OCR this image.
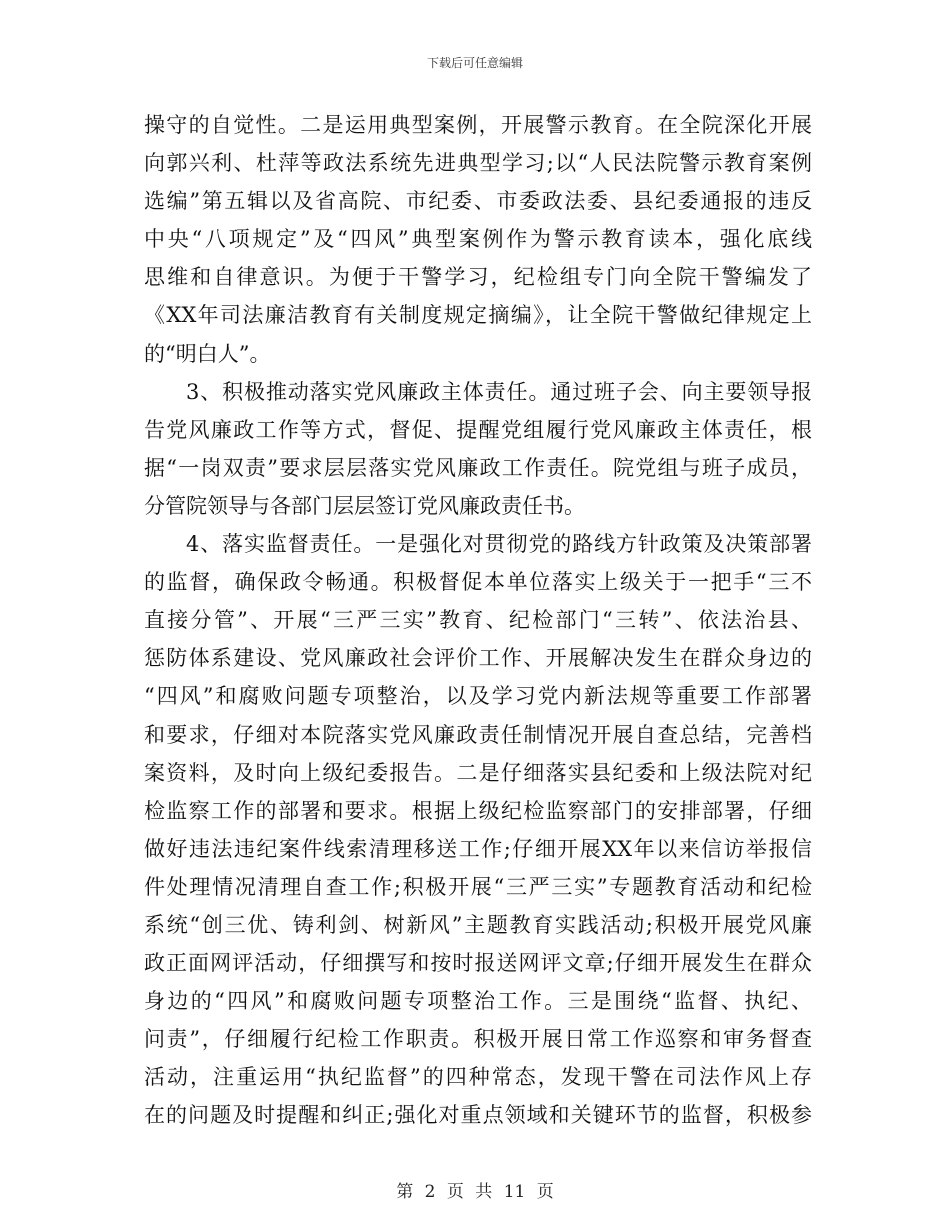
下载后可任意编辑
操守的自觉性。二是运用典型案例，开展警示教育。在全院深化开展
向郭兴利、杜萍等政法系统先进典型学习;以“人民法院警示教育案例
选编”第五辑以及省高院、市纪委、市委政法委、县纪委通报的违反
中央“八项规定”及“四风”典型案例作为警示教育读本，强化底线
思维和自律意识。为便于干警学习，纪检组专门向全院干警编发了
《XX年司法廉洁教育有关制度规定摘编》，让全院干警做纪律规定上
的“明白人”。
3、积极推动落实党风廉政主体责任。通过班子会、向主要领导报
告党风廉政工作等方式，督促、提醒党组履行党风廉政主体责任，根
据“一岗双责”要求层层落实党风廉政工作责任。院党组与班子成员，
分管院领导与各部门层层签订党风廉政责任书。
4、落实监督责任。一是强化对贯彻党的路线方针政策及决策部署
的监督，确保政令畅通。积极督促本单位落实上级关于一把手“三不
直接分管”、开展“三严三实”教育、纪检部门“三转”、依法治县、
惩防体系建设、党风廉政社会评价工作、开展解决发生在群众身边的
“四风”和腐败问题专项整治，以及学习党内新法规等重要工作部署
和要求，仔细对本院落实党风廉政责任制情况开展自查总结，完善档
案资料，及时向上级纪委报告。二是仔细落实县纪委和上级法院对纪
检监察工作的部署和要求。根据上级纪检监察部门的安排部署，仔细
做好违法违纪案件线索清理移送工作;仔细开展XX年以来信访举报信
件处理情况清理自查工作;积极开展“三严三实”专题教育活动和纪检
系统“创三优、铸利剑、树新风”主题教育实践活动;积极开展党风廉
政正面网评活动，仔细撰写和按时报送网评文章;仔细开展发生在群众
身边的“四风”和腐败问题专项整治工作。三是围绕“监督、执纪、
问责”，仔细履行纪检工作职责。积极开展日常工作巡察和审务督查
活动，注重运用“执纪监督”的四种常态，发现干警在司法作风上存
在的问题及时提醒和纠正;强化对重点领域和关键环节的监督，积极参
第 2 页 共 11 页
